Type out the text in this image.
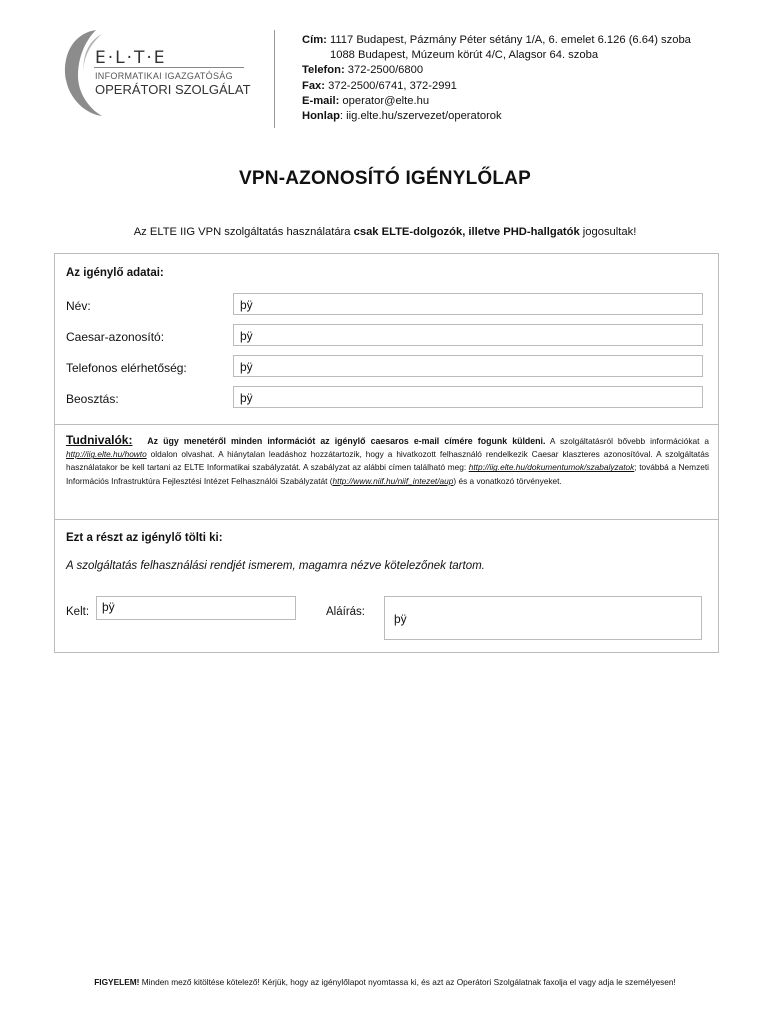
E·L·T·E
INFORMATIKAI IGAZGATÓSÁG
OPERÁTORI SZOLGÁLAT
Cím: 1117 Budapest, Pázmány Péter sétány 1/A, 6. emelet 6.126 (6.64) szoba
1088 Budapest, Múzeum körút 4/C, Alagsor 64. szoba
Telefon: 372-2500/6800
Fax: 372-2500/6741, 372-2991
E-mail: operator@elte.hu
Honlap: iig.elte.hu/szervezet/operatorok
VPN-AZONOSÍTÓ IGÉNYLŐLAP
Az ELTE IIG VPN szolgáltatás használatára csak ELTE-dolgozók, illetve PHD-hallgatók jogosultak!
Az igénylő adatai:
Név:	þÿ
Caesar-azonosító:	þÿ
Telefonos elérhetőség:	þÿ
Beosztás:	þÿ
Tudnivalók: Az ügy menetéről minden információt az igénylő caesaros e-mail címére fogunk küldeni. A szolgáltatásról bővebb információkat a http://iig.elte.hu/howto oldalon olvashat. A hiánytalan leadáshoz hozzátartozik, hogy a hivatkozott felhasználó rendelkezik Caesar klaszteres azonosítóval. A szolgáltatás használatakor be kell tartani az ELTE Informatikai szabályzatát. A szabályzat az alábbi címen található meg: http://iig.elte.hu/dokumentumok/szabalyzatok; továbbá a Nemzeti Információs Infrastruktúra Fejlesztési Intézet Felhasználói Szabályzatát (http://www.niif.hu/niif_intezet/aup) és a vonatkozó törvényeket.
Ezt a részt az igénylő tölti ki:
A szolgáltatás felhasználási rendjét ismerem, magamra nézve kötelezőnek tartom.
Kelt:	þÿ	Aláírás:	þÿ
FIGYELEM! Minden mező kitöltése kötelező! Kérjük, hogy az igénylőlapot nyomtassa ki, és azt az Operátori Szolgálatnak faxolja el vagy adja le személyesen!
